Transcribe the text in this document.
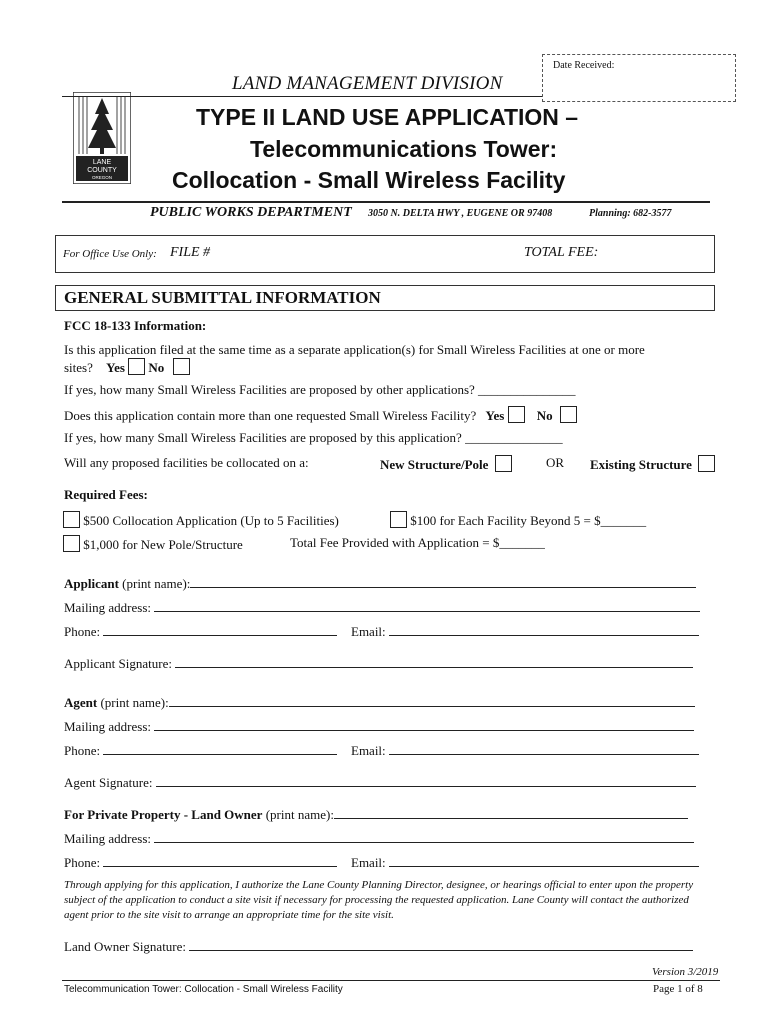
Date Received:
LANE
COUNTY
OREGON
LAND MANAGEMENT DIVISION
TYPE II LAND USE APPLICATION –
Telecommunications Tower:
Collocation - Small Wireless Facility
PUBLIC WORKS DEPARTMENT 3050 N. DELTA HWY , EUGENE OR 97408	Planning: 682-3577
For Office Use Only: FILE #	TOTAL FEE:
GENERAL SUBMITTAL INFORMATION
FCC 18-133 Information:
Is this application filed at the same time as a separate application(s) for Small Wireless Facilities at one or more
sites? Yes No
If yes, how many Small Wireless Facilities are proposed by other applications? _______________
Does this application contain more than one requested Small Wireless Facility? Yes	No
If yes, how many Small Wireless Facilities are proposed by this application? _______________
Will any proposed facilities be collocated on a:	New Structure/Pole	OR Existing Structure
Required Fees:
$500 Collocation Application (Up to 5 Facilities)	$100 for Each Facility Beyond 5 = $_______
$1,000 for New Pole/Structure	Total Fee Provided with Application = $_______
Applicant (print name):
Mailing address:
Phone:	Email:
Applicant Signature:
Agent (print name):
Mailing address:
Phone:	Email:
Agent Signature:
For Private Property - Land Owner (print name):
Mailing address:
Phone:	Email:
Through applying for this application, I authorize the Lane County Planning Director, designee, or hearings official to enter upon the property subject of the application to conduct a site visit if necessary for processing the requested application. Lane County will contact the authorized agent prior to the site visit to arrange an appropriate time for the site visit.
Land Owner Signature:
Version 3/2019
Telecommunication Tower: Collocation - Small Wireless Facility	Page 1 of 8
